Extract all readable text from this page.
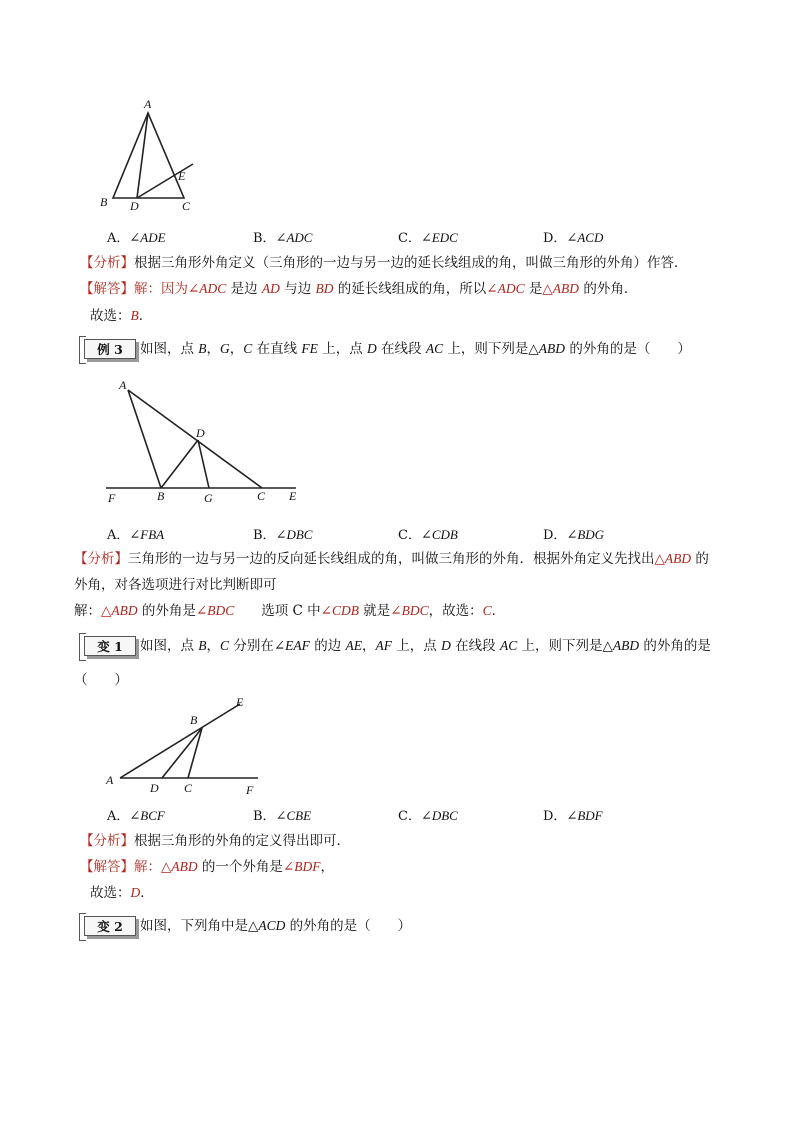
A
B D	C
E
A．∠ADE	B．∠ADC	C．∠EDC	D．∠ACD
【分析】根据三角形外角定义（三角形的一边与另一边的延长线组成的角，叫做三角形的外角）作答．
【解答】解：因为∠ADC 是边 AD 与边 BD 的延长线组成的角，所以∠ADC 是△ABD 的外角．
故选：B．
例 3	如图，点 B，G，C 在直线 FE 上，点 D 在线段 AC 上，则下列是△ABD 的外角的是（　　）
A
D
F	B	G	C E
A．∠FBA	B．∠DBC	C．∠CDB	D．∠BDG
【分析】三角形的一边与另一边的反向延长线组成的角，叫做三角形的外角．根据外角定义先找出△ABD 的
外角，对各选项进行对比判断即可
解：△ABD 的外角是∠BDC　　选项 C 中∠CDB 就是∠BDC，故选：C．
变 1	如图，点 B，C 分别在∠EAF 的边 AE，AF 上，点 D 在线段 AC 上，则下列是△ABD 的外角的是
（　　）
E
B
A
D C	F
A．∠BCF	B．∠CBE	C．∠DBC	D．∠BDF
【分析】根据三角形的外角的定义得出即可．
【解答】解：△ABD 的一个外角是∠BDF，
故选：D．
变 2	如图，下列角中是△ACD 的外角的是（　　）
